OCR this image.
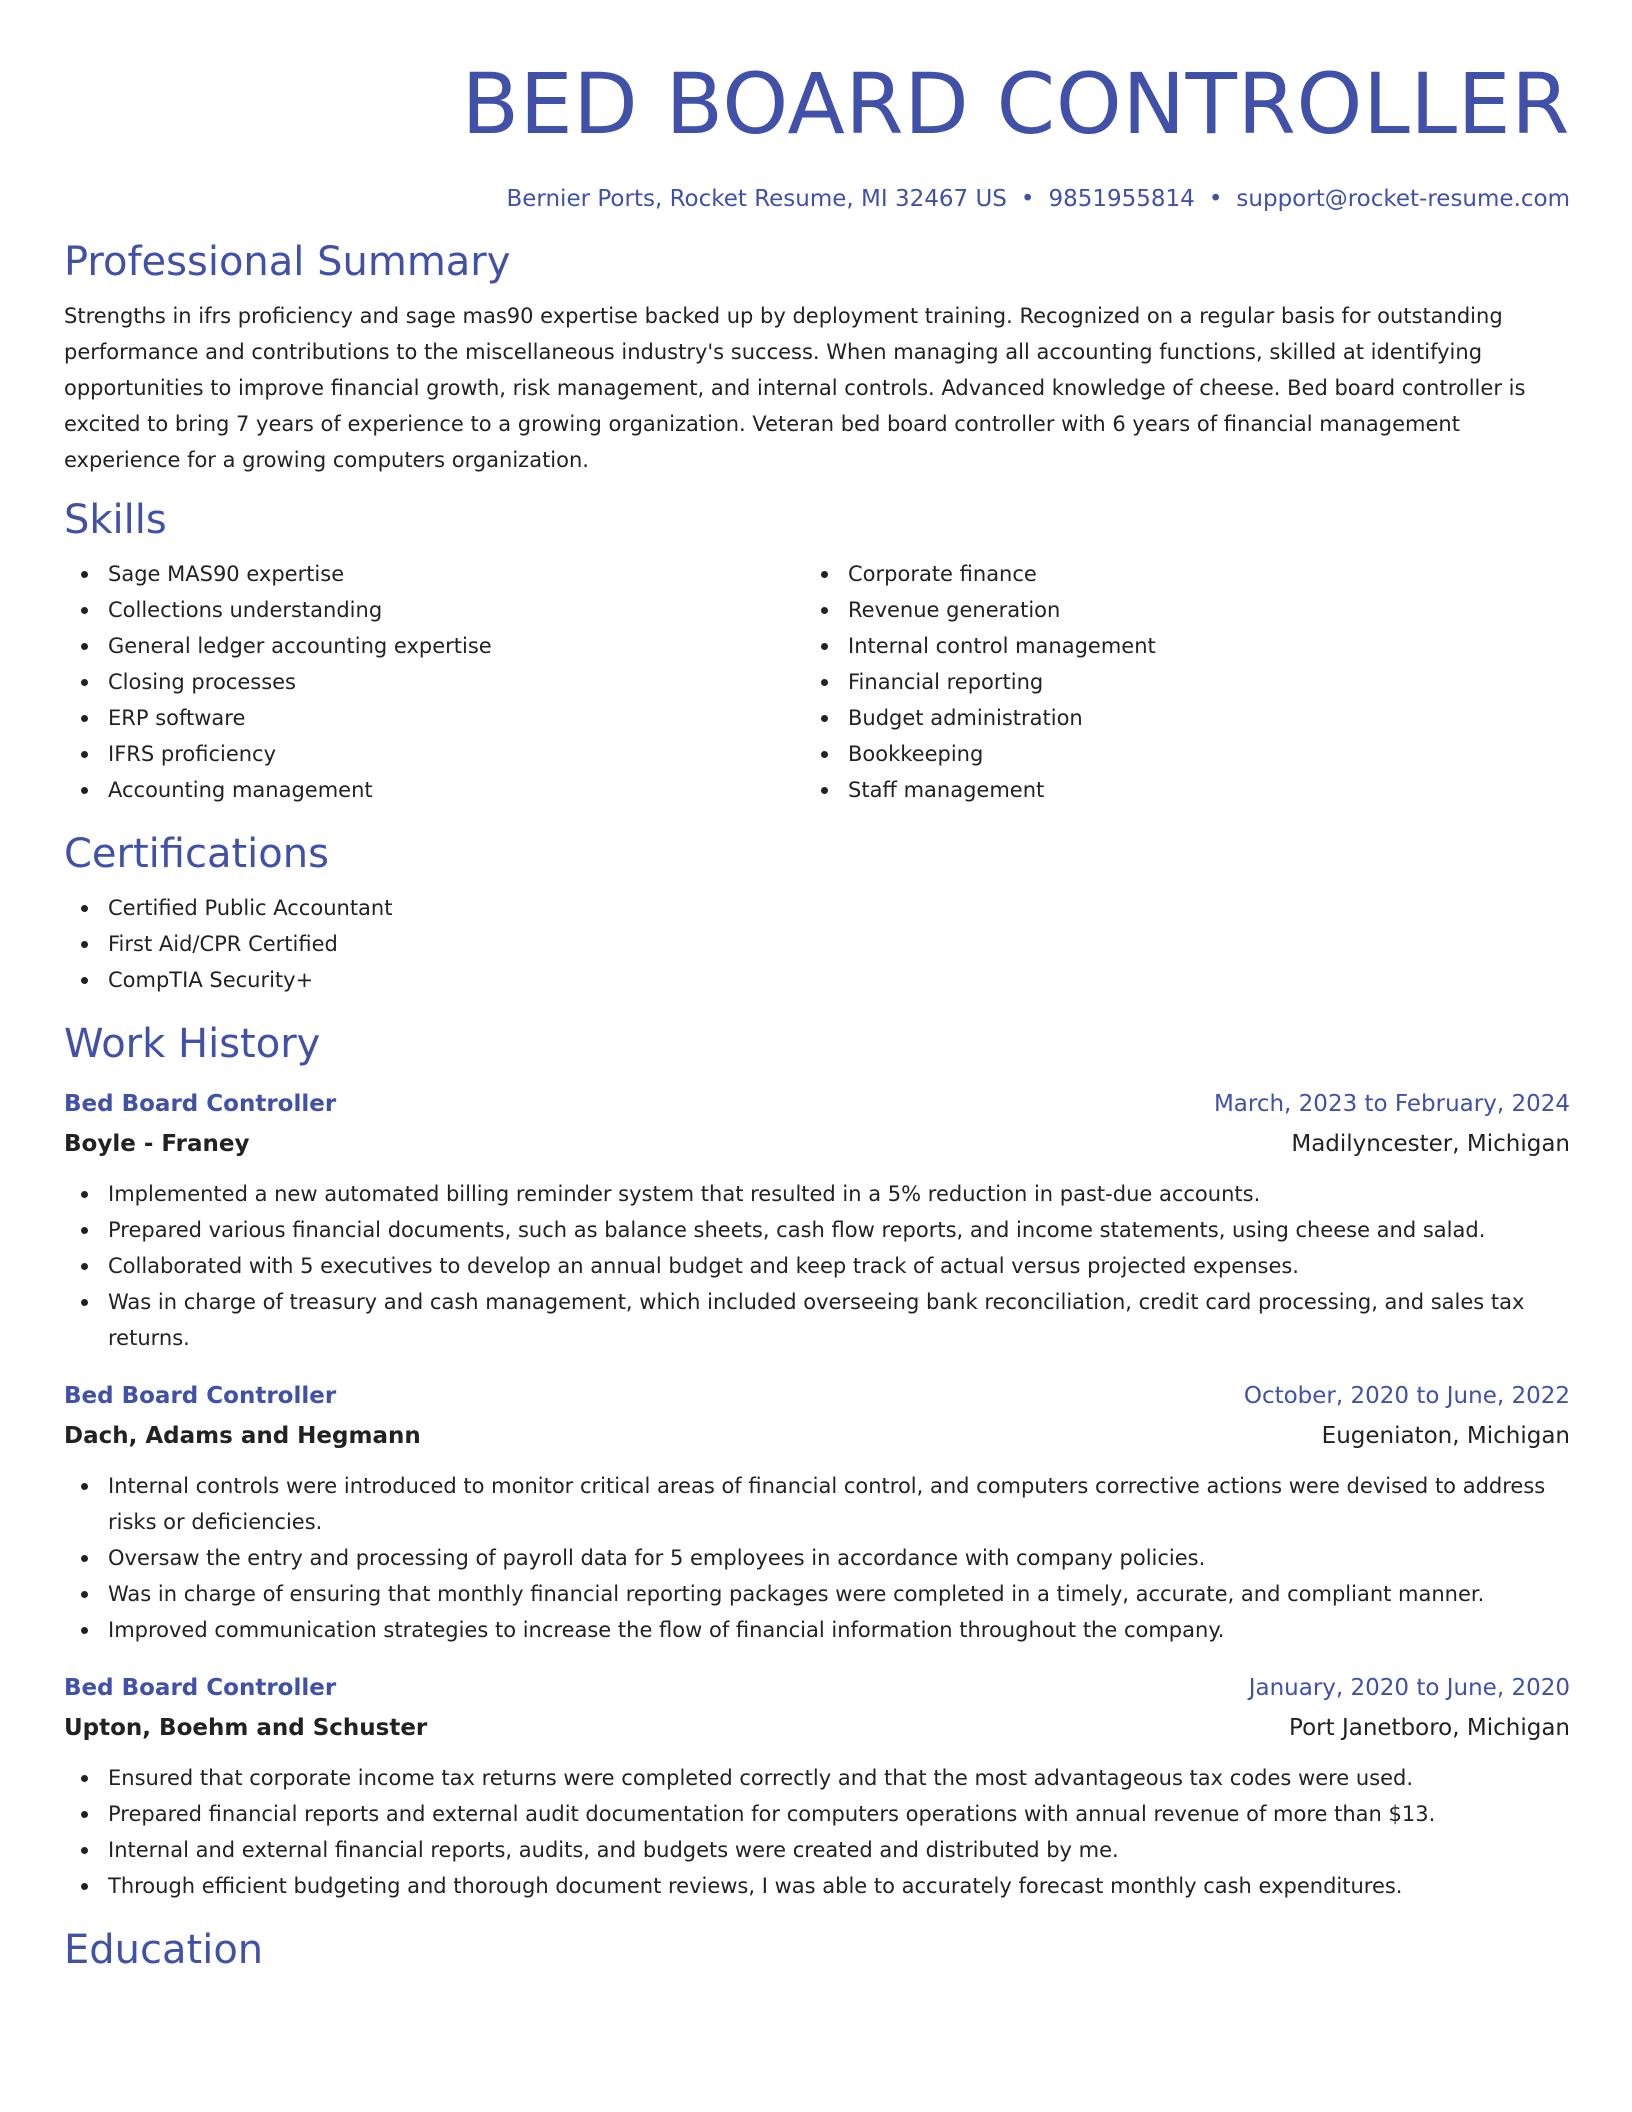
BED BOARD CONTROLLER
Bernier Ports, Rocket Resume, MI 32467 US • 9851955814 • support@rocket-resume.com
Professional Summary

Strengths in ifrs proficiency and sage mas90 expertise backed up by deployment training. Recognized on a regular basis for outstanding performance and contributions to the miscellaneous industry's success. When managing all accounting functions, skilled at identifying opportunities to improve financial growth, risk management, and internal controls. Advanced knowledge of cheese. Bed board controller is excited to bring 7 years of experience to a growing organization. Veteran bed board controller with 6 years of financial management experience for a growing computers organization.

Skills
Sage MAS90 expertise
Collections understanding
General ledger accounting expertise
Closing processes
ERP software
IFRS proficiency
Accounting management
Corporate finance
Revenue generation
Internal control management
Financial reporting
Budget administration
Bookkeeping
Staff management
Certifications
Certified Public Accountant
First Aid/CPR Certified
CompTIA Security+
Work History
Bed Board Controller	March, 2023 to February, 2024
Boyle - Franey	Madilyncester, Michigan
Implemented a new automated billing reminder system that resulted in a 5% reduction in past-due accounts.
Prepared various financial documents, such as balance sheets, cash flow reports, and income statements, using cheese and salad.
Collaborated with 5 executives to develop an annual budget and keep track of actual versus projected expenses.
Was in charge of treasury and cash management, which included overseeing bank reconciliation, credit card processing, and sales tax returns.
Bed Board Controller	October, 2020 to June, 2022
Dach, Adams and Hegmann	Eugeniaton, Michigan
Internal controls were introduced to monitor critical areas of financial control, and computers corrective actions were devised to address risks or deficiencies.
Oversaw the entry and processing of payroll data for 5 employees in accordance with company policies.
Was in charge of ensuring that monthly financial reporting packages were completed in a timely, accurate, and compliant manner.
Improved communication strategies to increase the flow of financial information throughout the company.
Bed Board Controller	January, 2020 to June, 2020
Upton, Boehm and Schuster	Port Janetboro, Michigan
Ensured that corporate income tax returns were completed correctly and that the most advantageous tax codes were used.
Prepared financial reports and external audit documentation for computers operations with annual revenue of more than $13.
Internal and external financial reports, audits, and budgets were created and distributed by me.
Through efficient budgeting and thorough document reviews, I was able to accurately forecast monthly cash expenditures.
Education
